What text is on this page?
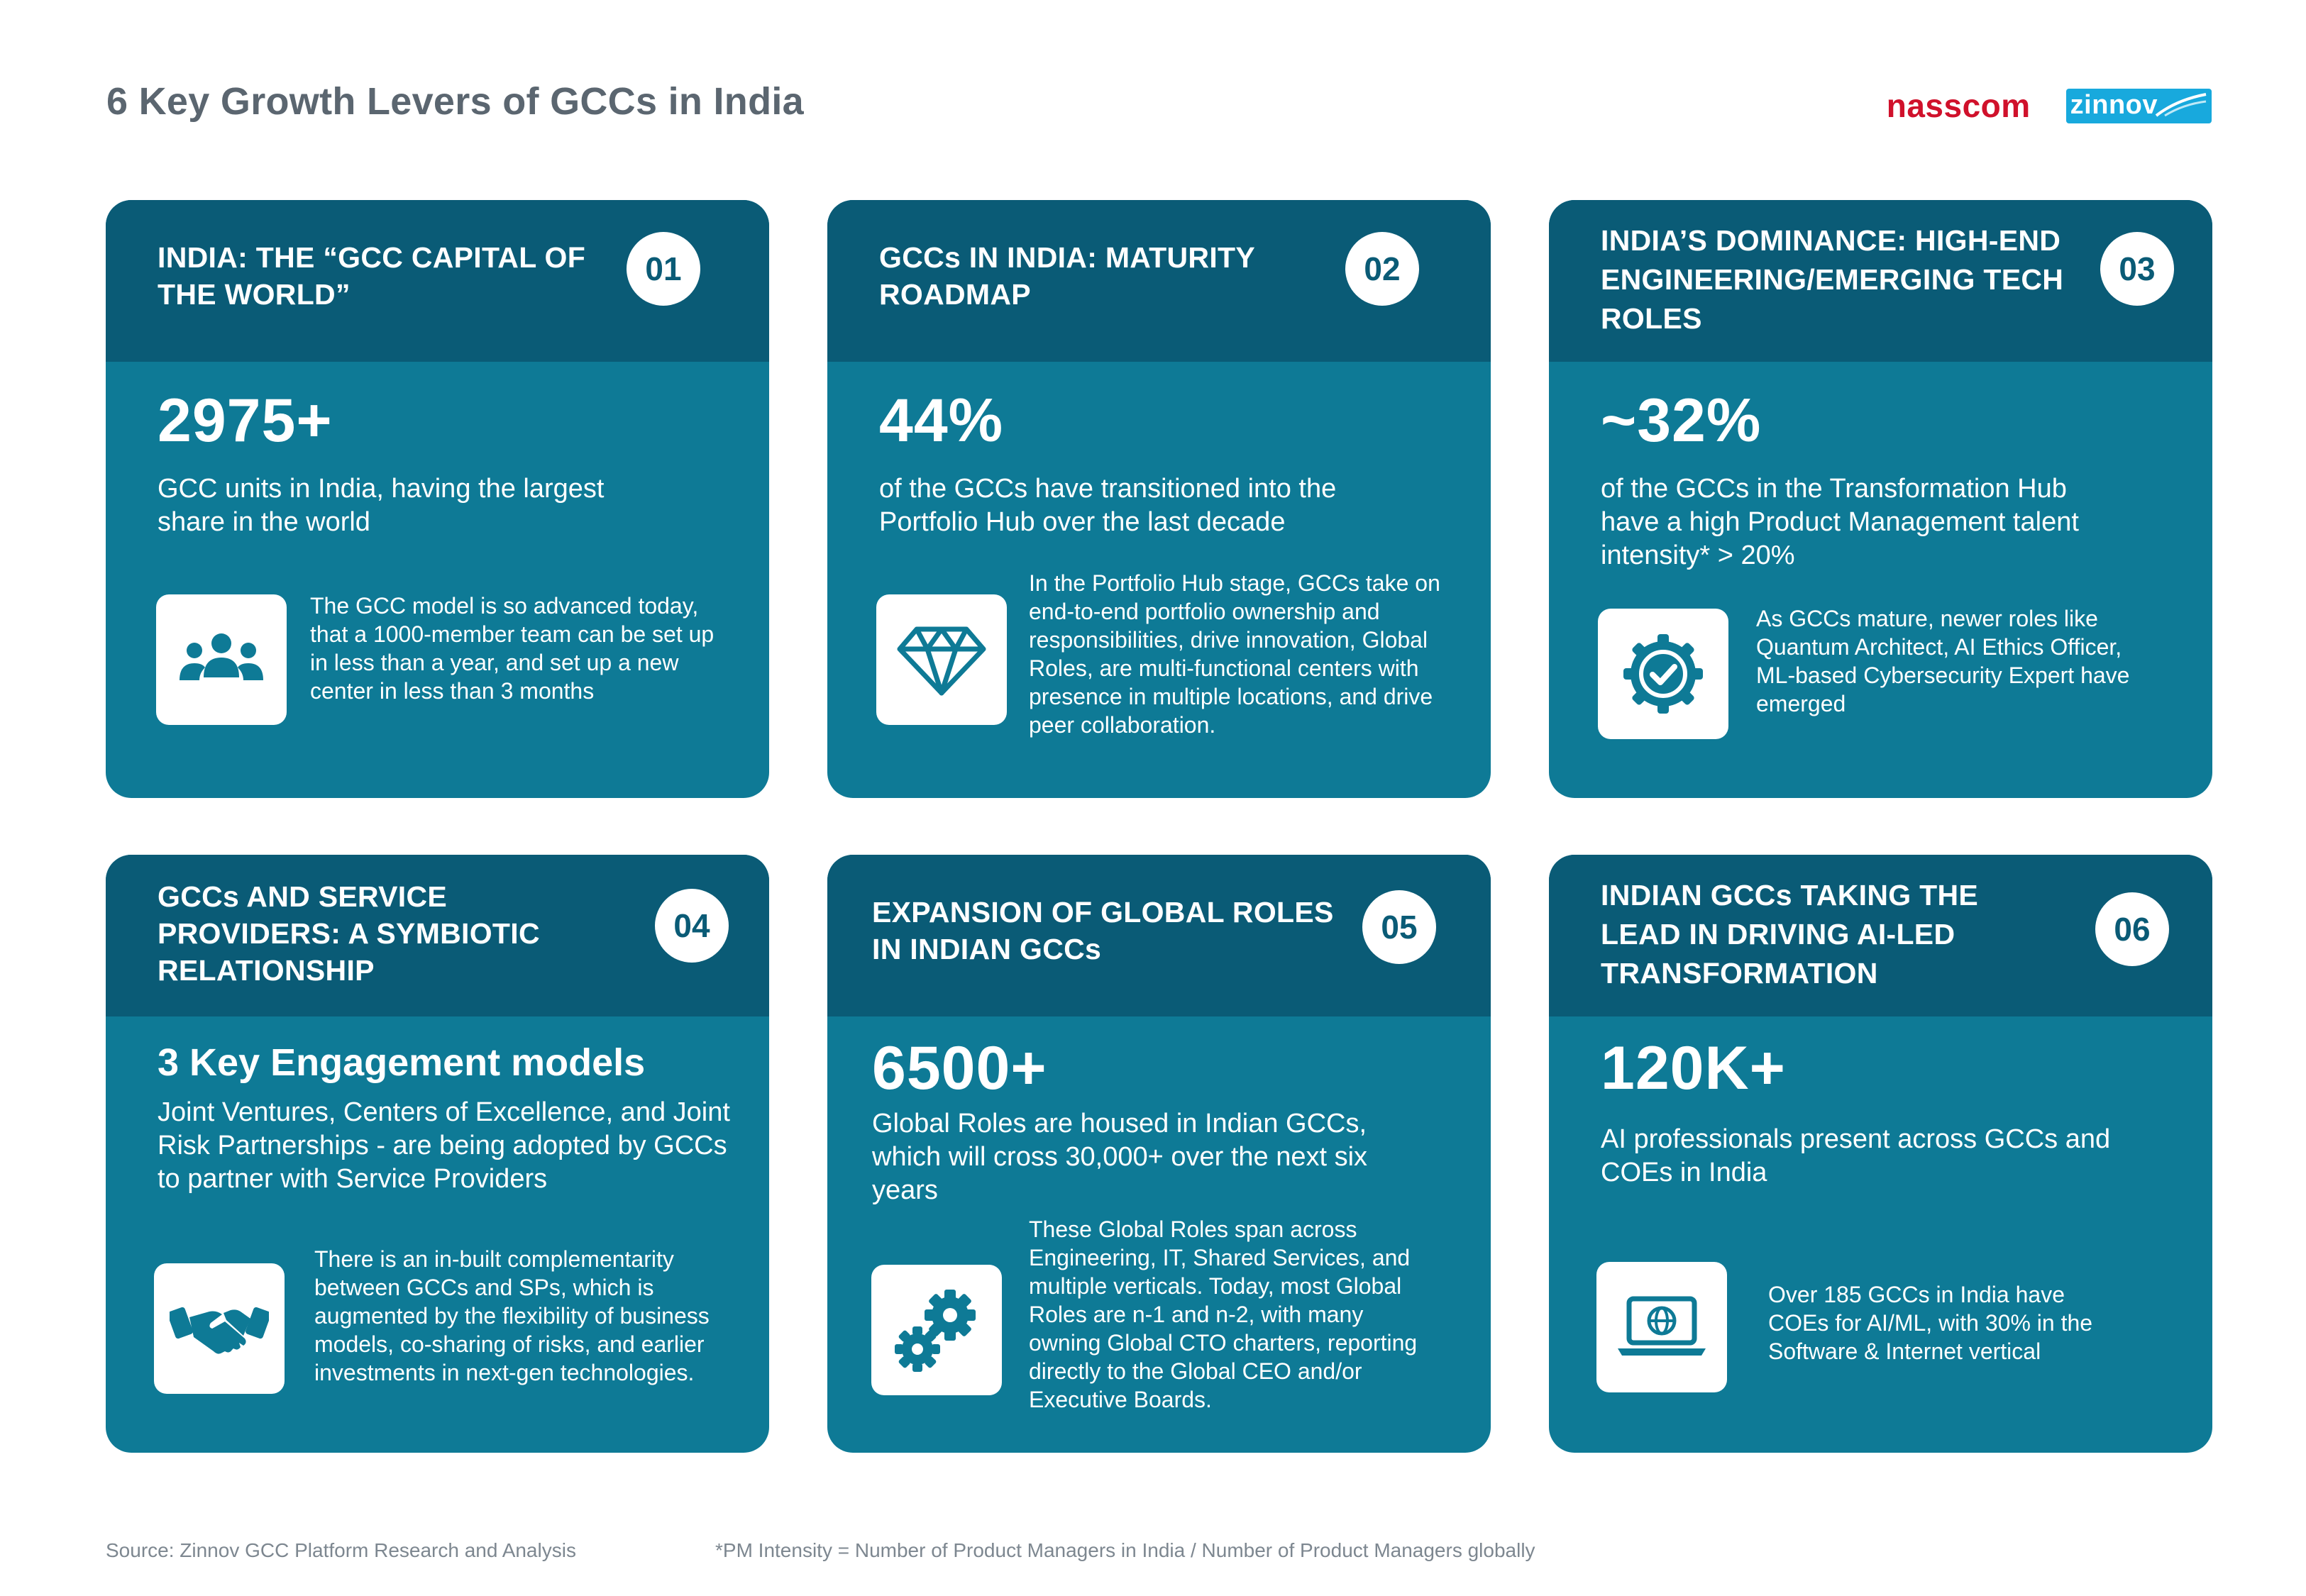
6 Key Growth Levers of GCCs in India	nasscom zinnov
INDIA: THE “GCC CAPITAL OF THE WORLD”
01
2975+
GCC units in India, having the largest share in the world
The GCC model is so advanced today, that a 1000-member team can be set up in less than a year, and set up a new center in less than 3 months
GCCs IN INDIA: MATURITY ROADMAP
02
44%
of the GCCs have transitioned into the Portfolio Hub over the last decade
In the Portfolio Hub stage, GCCs take on end-to-end portfolio ownership and responsibilities, drive innovation, Global Roles, are multi-functional centers with presence in multiple locations, and drive peer collaboration.
INDIA’S DOMINANCE: HIGH-END ENGINEERING/EMERGING TECH ROLES
03
~32%
of the GCCs in the Transformation Hub have a high Product Management talent intensity* > 20%
As GCCs mature, newer roles like Quantum Architect, AI Ethics Officer, ML-based Cybersecurity Expert have emerged
GCCs AND SERVICE PROVIDERS: A SYMBIOTIC RELATIONSHIP
04
3 Key Engagement models
Joint Ventures, Centers of Excellence, and Joint Risk Partnerships - are being adopted by GCCs to partner with Service Providers
There is an in-built complementarity between GCCs and SPs, which is augmented by the flexibility of business models, co-sharing of risks, and earlier investments in next-gen technologies.
EXPANSION OF GLOBAL ROLES IN INDIAN GCCs
05
6500+
Global Roles are housed in Indian GCCs, which will cross 30,000+ over the next six years
These Global Roles span across Engineering, IT, Shared Services, and multiple verticals. Today, most Global Roles are n-1 and n-2, with many owning Global CTO charters, reporting directly to the Global CEO and/or Executive Boards.
INDIAN GCCs TAKING THE LEAD IN DRIVING AI-LED TRANSFORMATION
06
120K+
AI professionals present across GCCs and COEs in India
Over 185 GCCs in India have COEs for AI/ML, with 30% in the Software & Internet vertical
Source: Zinnov GCC Platform Research and Analysis	*PM Intensity = Number of Product Managers in India / Number of Product Managers globally
